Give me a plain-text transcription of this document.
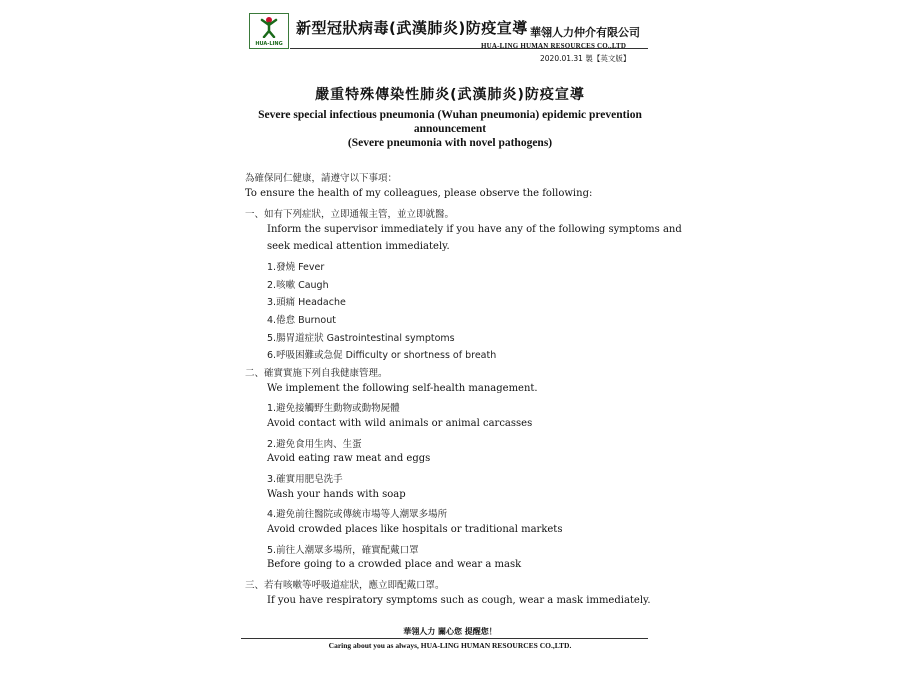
HUA-LING
新型冠狀病毒(武漢肺炎)防疫宣導 華翎人力仲介有限公司
HUA-LING HUMAN RESOURCES CO.,LTD
2020.01.31 製【英文版】
嚴重特殊傳染性肺炎(武漢肺炎)防疫宣導
Severe special infectious pneumonia (Wuhan pneumonia) epidemic prevention
announcement
(Severe pneumonia with novel pathogens)
為確保同仁健康，請遵守以下事項：
To ensure the health of my colleagues, please observe the following:
一、如有下列症狀，立即通報主管，並立即就醫。
Inform the supervisor immediately if you have any of the following symptoms and
seek medical attention immediately.
1.發燒 Fever
2.咳嗽 Caugh
3.頭痛 Headache
4.倦怠 Burnout
5.腸胃道症狀 Gastrointestinal symptoms
6.呼吸困難或急促 Difficulty or shortness of breath
二、確實實施下列自我健康管理。
We implement the following self-health management.
1.避免接觸野生動物或動物屍體
Avoid contact with wild animals or animal carcasses
2.避免食用生肉、生蛋
Avoid eating raw meat and eggs
3.確實用肥皂洗手
Wash your hands with soap
4.避免前往醫院或傳統市場等人潮眾多場所
Avoid crowded places like hospitals or traditional markets
5.前往人潮眾多場所，確實配戴口罩
Before going to a crowded place and wear a mask
三、若有咳嗽等呼吸道症狀，應立即配戴口罩。
If you have respiratory symptoms such as cough, wear a mask immediately.
華翎人力 關心您 提醒您！
Caring about you as always, HUA-LING HUMAN RESOURCES CO.,LTD.
